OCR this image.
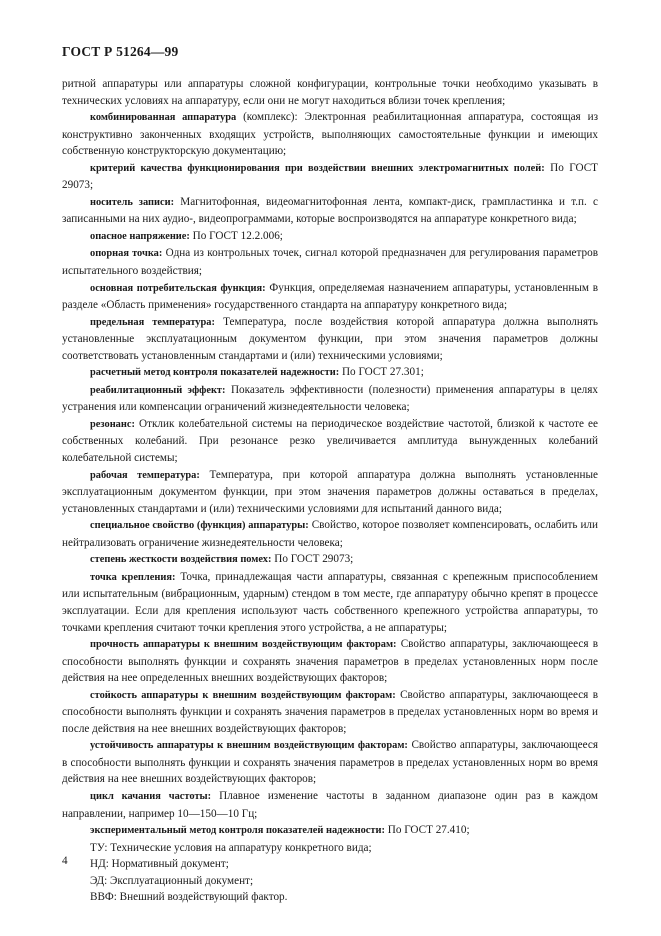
ГОСТ Р 51264—99

ритной аппаратуры или аппаратуры сложной конфигурации, контрольные точки необходимо указывать в технических условиях на аппаратуру, если они не могут находиться вблизи точек крепления;

комбинированная аппаратура (комплекс): Электронная реабилитационная аппаратура, состоящая из конструктивно законченных входящих устройств, выполняющих самостоятельные функции и имеющих собственную конструкторскую документацию;

критерий качества функционирования при воздействии внешних электромагнитных полей: По ГОСТ 29073;

носитель записи: Магнитофонная, видеомагнитофонная лента, компакт-диск, грампластинка и т.п. с записанными на них аудио-, видеопрограммами, которые воспроизводятся на аппаратуре конкретного вида;

опасное напряжение: По ГОСТ 12.2.006;

опорная точка: Одна из контрольных точек, сигнал которой предназначен для регулирования параметров испытательного воздействия;

основная потребительская функция: Функция, определяемая назначением аппаратуры, установленным в разделе «Область применения» государственного стандарта на аппаратуру конкретного вида;

предельная температура: Температура, после воздействия которой аппаратура должна выполнять установленные эксплуатационным документом функции, при этом значения параметров должны соответствовать установленным стандартами и (или) техническими условиями;

расчетный метод контроля показателей надежности: По ГОСТ 27.301;

реабилитационный эффект: Показатель эффективности (полезности) применения аппаратуры в целях устранения или компенсации ограничений жизнедеятельности человека;

резонанс: Отклик колебательной системы на периодическое воздействие частотой, близкой к частоте ее собственных колебаний. При резонансе резко увеличивается амплитуда вынужденных колебаний колебательной системы;

рабочая температура: Температура, при которой аппаратура должна выполнять установленные эксплуатационным документом функции, при этом значения параметров должны оставаться в пределах, установленных стандартами и (или) техническими условиями для испытаний данного вида;

специальное свойство (функция) аппаратуры: Свойство, которое позволяет компенсировать, ослабить или нейтрализовать ограничение жизнедеятельности человека;

степень жесткости воздействия помех: По ГОСТ 29073;

точка крепления: Точка, принадлежащая части аппаратуры, связанная с крепежным приспособлением или испытательным (вибрационным, ударным) стендом в том месте, где аппаратуру обычно крепят в процессе эксплуатации. Если для крепления используют часть собственного крепежного устройства аппаратуры, то точками крепления считают точки крепления этого устройства, а не аппаратуры;

прочность аппаратуры к внешним воздействующим факторам: Свойство аппаратуры, заключающееся в способности выполнять функции и сохранять значения параметров в пределах установленных норм после действия на нее определенных внешних воздействующих факторов;

стойкость аппаратуры к внешним воздействующим факторам: Свойство аппаратуры, заключающееся в способности выполнять функции и сохранять значения параметров в пределах установленных норм во время и после действия на нее внешних воздействующих факторов;

устойчивость аппаратуры к внешним воздействующим факторам: Свойство аппаратуры, заключающееся в способности выполнять функции и сохранять значения параметров в пределах установленных норм во время действия на нее внешних воздействующих факторов;

цикл качания частоты: Плавное изменение частоты в заданном диапазоне один раз в каждом направлении, например 10—150—10 Гц;

экспериментальный метод контроля показателей надежности: По ГОСТ 27.410;

ТУ: Технические условия на аппаратуру конкретного вида;

НД: Нормативный документ;

ЭД: Эксплуатационный документ;

ВВФ: Внешний воздействующий фактор.

4
